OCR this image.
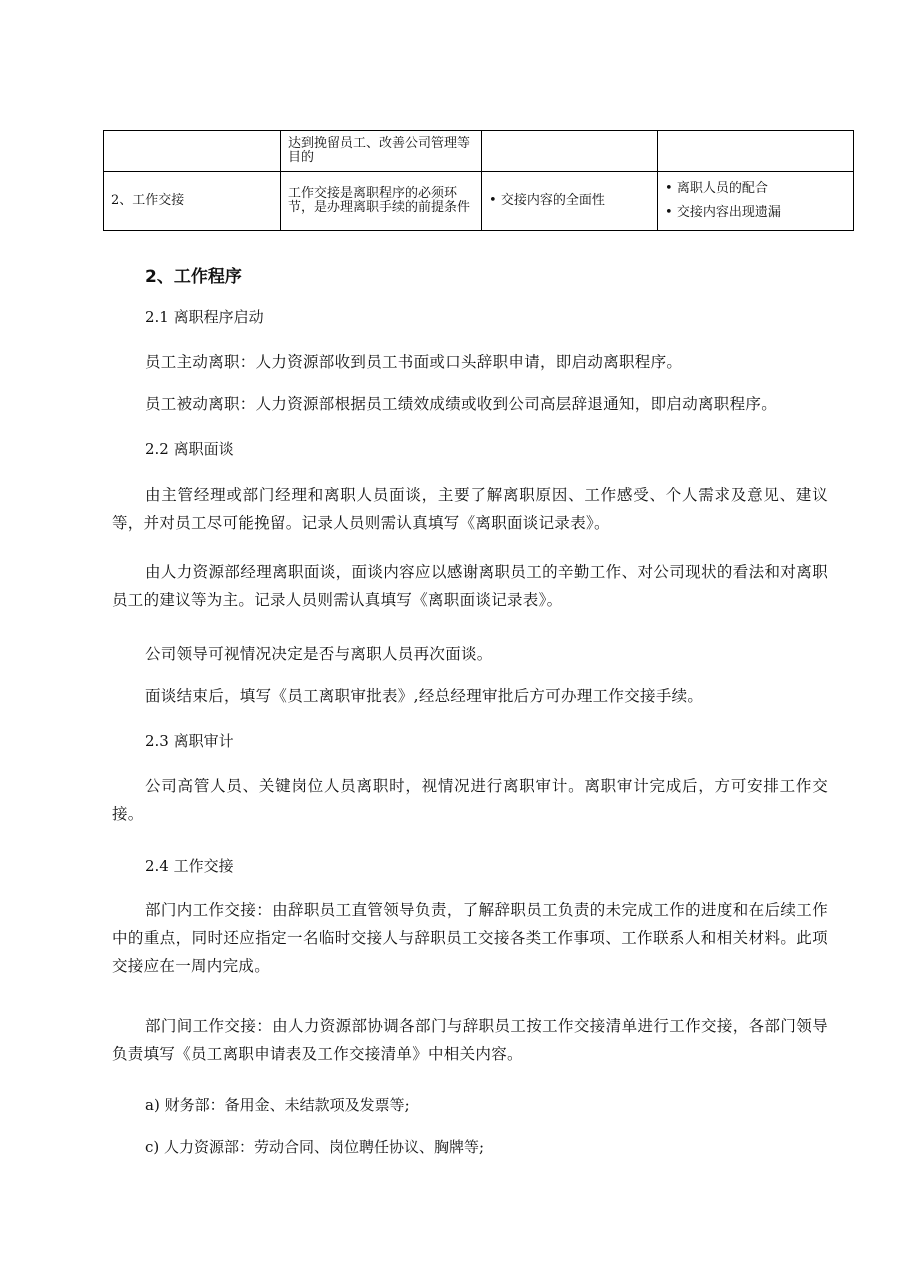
	达到挽留员工、改善公司管理等目的		
2、工作交接	工作交接是离职程序的必须环节，是办理离职手续的前提条件	• 交接内容的全面性	• 离职人员的配合
• 交接内容出现遗漏
2、工作程序
2.1 离职程序启动
员工主动离职：人力资源部收到员工书面或口头辞职申请，即启动离职程序。
员工被动离职：人力资源部根据员工绩效成绩或收到公司高层辞退通知，即启动离职程序。
2.2 离职面谈
由主管经理或部门经理和离职人员面谈，主要了解离职原因、工作感受、个人需求及意见、建议等，并对员工尽可能挽留。记录人员则需认真填写《离职面谈记录表》。
由人力资源部经理离职面谈，面谈内容应以感谢离职员工的辛勤工作、对公司现状的看法和对离职员工的建议等为主。记录人员则需认真填写《离职面谈记录表》。
公司领导可视情况决定是否与离职人员再次面谈。
面谈结束后，填写《员工离职审批表》,经总经理审批后方可办理工作交接手续。
2.3 离职审计
公司高管人员、关键岗位人员离职时，视情况进行离职审计。离职审计完成后，方可安排工作交接。
2.4 工作交接
部门内工作交接：由辞职员工直管领导负责，了解辞职员工负责的未完成工作的进度和在后续工作中的重点，同时还应指定一名临时交接人与辞职员工交接各类工作事项、工作联系人和相关材料。此项交接应在一周内完成。
部门间工作交接：由人力资源部协调各部门与辞职员工按工作交接清单进行工作交接，各部门领导负责填写《员工离职申请表及工作交接清单》中相关内容。
a) 财务部：备用金、未结款项及发票等;
c) 人力资源部：劳动合同、岗位聘任协议、胸牌等;
